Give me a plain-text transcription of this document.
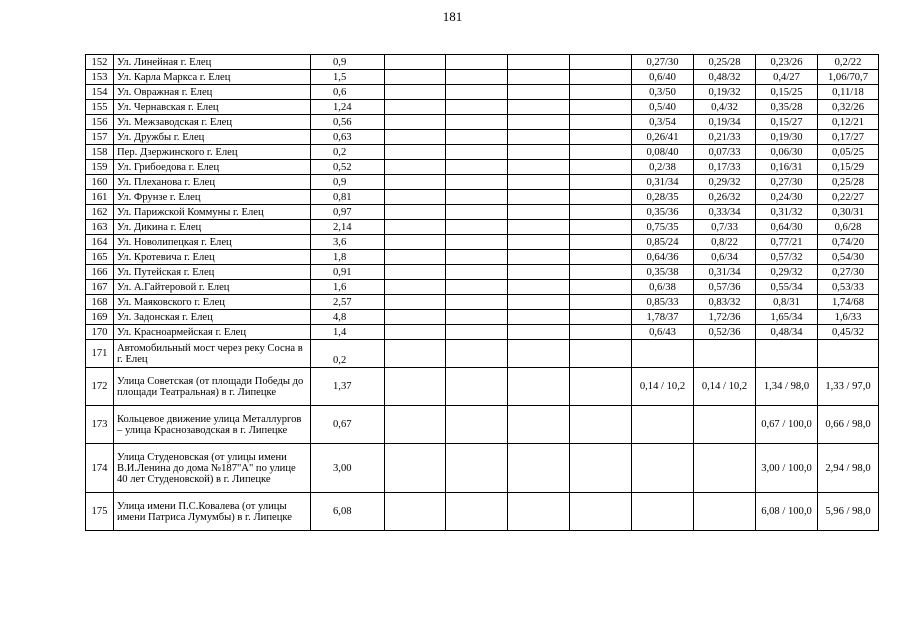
181
152	Ул. Линейная г. Елец	0,9					0,27/30	0,25/28	0,23/26	0,2/22
153	Ул. Карла Маркса г. Елец	1,5					0,6/40	0,48/32	0,4/27	1,06/70,7
154	Ул. Овражная г. Елец	0,6					0,3/50	0,19/32	0,15/25	0,11/18
155	Ул. Чернавская г. Елец	1,24					0,5/40	0,4/32	0,35/28	0,32/26
156	Ул. Межзаводская г. Елец	0,56					0,3/54	0,19/34	0,15/27	0,12/21
157	Ул. Дружбы г. Елец	0,63					0,26/41	0,21/33	0,19/30	0,17/27
158	Пер. Дзержинского г. Елец	0,2					0,08/40	0,07/33	0,06/30	0,05/25
159	Ул. Грибоедова г. Елец	0,52					0,2/38	0,17/33	0,16/31	0,15/29
160	Ул. Плеханова г. Елец	0,9					0,31/34	0,29/32	0,27/30	0,25/28
161	Ул. Фрунзе г. Елец	0,81					0,28/35	0,26/32	0,24/30	0,22/27
162	Ул. Парижской Коммуны г. Елец	0,97					0,35/36	0,33/34	0,31/32	0,30/31
163	Ул. Дикина г. Елец	2,14					0,75/35	0,7/33	0,64/30	0,6/28
164	Ул. Новолипецкая г. Елец	3,6					0,85/24	0,8/22	0,77/21	0,74/20
165	Ул. Кротевича г. Елец	1,8					0,64/36	0,6/34	0,57/32	0,54/30
166	Ул. Путейская г. Елец	0,91					0,35/38	0,31/34	0,29/32	0,27/30
167	Ул. А.Гайтеровой г. Елец	1,6					0,6/38	0,57/36	0,55/34	0,53/33
168	Ул. Маяковского г. Елец	2,57					0,85/33	0,83/32	0,8/31	1,74/68
169	Ул. Задонская г. Елец	4,8					1,78/37	1,72/36	1,65/34	1,6/33
170	Ул. Красноармейская г. Елец	1,4					0,6/43	0,52/36	0,48/34	0,45/32
171	Автомобильный мост через реку Сосна в г. Елец	0,2								
172	Улица Советская (от площади Победы до площади Театральная) в г. Липецке	1,37					0,14 / 10,2	0,14 / 10,2	1,34 / 98,0	1,33 / 97,0
173	Кольцевое движение улица Металлургов – улица Краснозаводская в г. Липецке	0,67							0,67 / 100,0	0,66 / 98,0
174	Улица Студеновская (от улицы имени В.И.Ленина до дома №187"А" по улице 40 лет Студеновской) в г. Липецке	3,00							3,00 / 100,0	2,94 / 98,0
175	Улица имени П.С.Ковалева (от улицы имени Патриса Лумумбы) в г. Липецке	6,08							6,08 / 100,0	5,96 / 98,0
